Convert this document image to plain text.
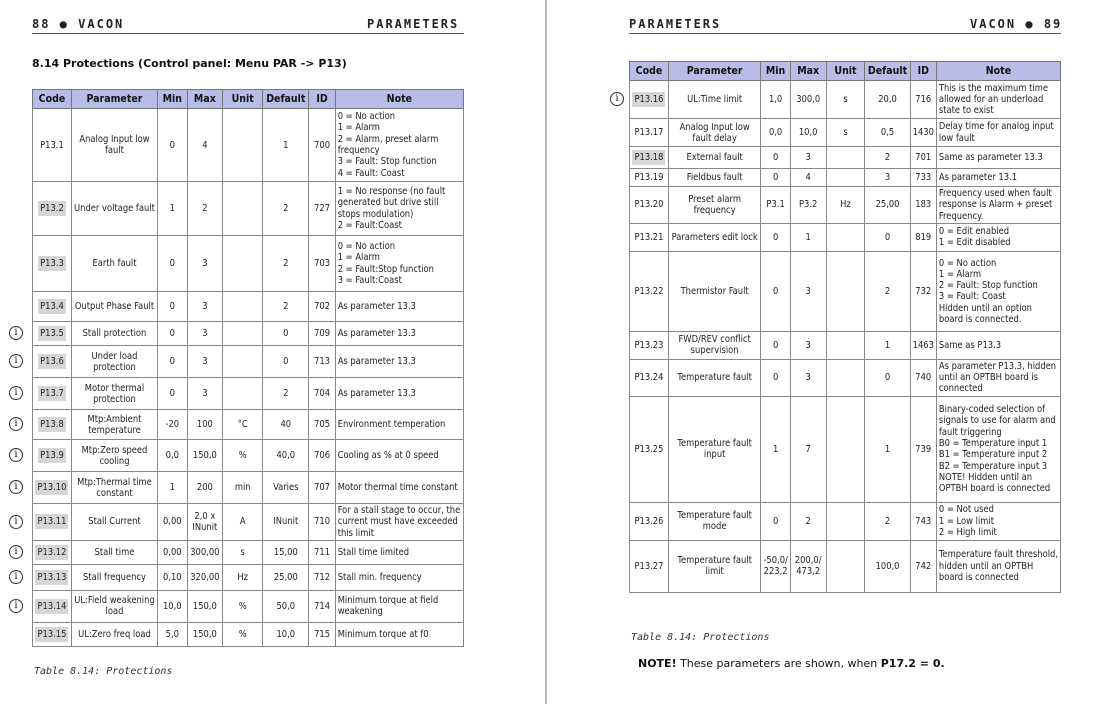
88 ● VACON	PARAMETERS
8.14 Protections (Control panel: Menu PAR -> P13)
Code	Parameter	Min	Max	Unit	Default	ID	Note
P13.1	Analog Input low fault	0	4		1	700	0 = No action
1 = Alarm
2 = Alarm, preset alarm frequency
3 = Fault: Stop function
4 = Fault: Coast

P13.2	Under voltage fault	1	2		2	727	1 = No response (no fault generated but drive still stops modulation)
2 = Fault:Coast

P13.3	Earth fault	0	3		2	703	0 = No action
1 = Alarm
2 = Fault:Stop function
3 = Fault:Coast

P13.4	Output Phase Fault	0	3		2	702	As parameter 13.3

P13.5	Stall protection	0	3		0	709	As parameter 13.3

P13.6	Under load protection	0	3		0	713	As parameter 13.3

P13.7	Motor thermal protection	0	3		2	704	As parameter 13.3

P13.8	Mtp:Ambient temperature	-20	100	°C	40	705	Environment temperation

P13.9	Mtp:Zero speed cooling	0,0	150,0	%	40,0	706	Cooling as % at 0 speed

P13.10	Mtp:Thermal time constant	1	200	min	Varies	707	Motor thermal time constant

P13.11	Stall Current	0,00	2,0 x INunit	A	INunit	710	For a stall stage to occur, the current must have exceeded this limit

P13.12	Stall time	0,00	300,00	s	15,00	711	Stall time limited

P13.13	Stall frequency	0,10	320,00	Hz	25,00	712	Stall min. frequency

P13.14	UL:Field weakening load	10,0	150,0	%	50,0	714	Minimum torque at field weakening

P13.15	UL:Zero freq load	5,0	150,0	%	10,0	715	Minimum torque at f0
Table 8.14: Protections
i
i
i
i
i
i
i
i
i
i
PARAMETERS	VACON ● 89
Code	Parameter	Min	Max	Unit	Default	ID	Note
P13.16	UL:Time limit	1,0	300,0	s	20,0	716	This is the maximum time allowed for an underload state to exist

P13.17	Analog Input low fault delay	0,0	10,0	s	0,5	1430	Delay time for analog input low fault

P13.18	External fault	0	3		2	701	Same as parameter 13.3

P13.19	Fieldbus fault	0	4		3	733	As parameter 13.1

P13.20	Preset alarm frequency	P3.1	P3.2	Hz	25,00	183	Frequency used when fault response is Alarm + preset Frequency.

P13.21	Parameters edit lock	0	1		0	819	0 = Edit enabled
1 = Edit disabled

P13.22	Thermistor Fault	0	3		2	732	0 = No action
1 = Alarm
2 = Fault: Stop function
3 = Fault: Coast
Hidden until an option board is connected.

P13.23	FWD/REV conflict supervision	0	3		1	1463	Same as P13.3

P13.24	Temperature fault	0	3		0	740	As parameter P13.3, hidden until an OPTBH board is connected

P13.25	Temperature fault input	1	7		1	739	Binary-coded selection of signals to use for alarm and fault triggering
B0 = Temperature input 1
B1 = Temperature input 2
B2 = Temperature input 3
NOTE! Hidden until an OPTBH board is connected

P13.26	Temperature fault mode	0	2		2	743	0 = Not used
1 = Low limit
2 = High limit

P13.27	Temperature fault limit	-50,0/ 223,2	200,0/ 473,2		100,0	742	Temperature fault threshold, hidden until an OPTBH board is connected
Table 8.14: Protections
i
NOTE! These parameters are shown, when P17.2 = 0.
